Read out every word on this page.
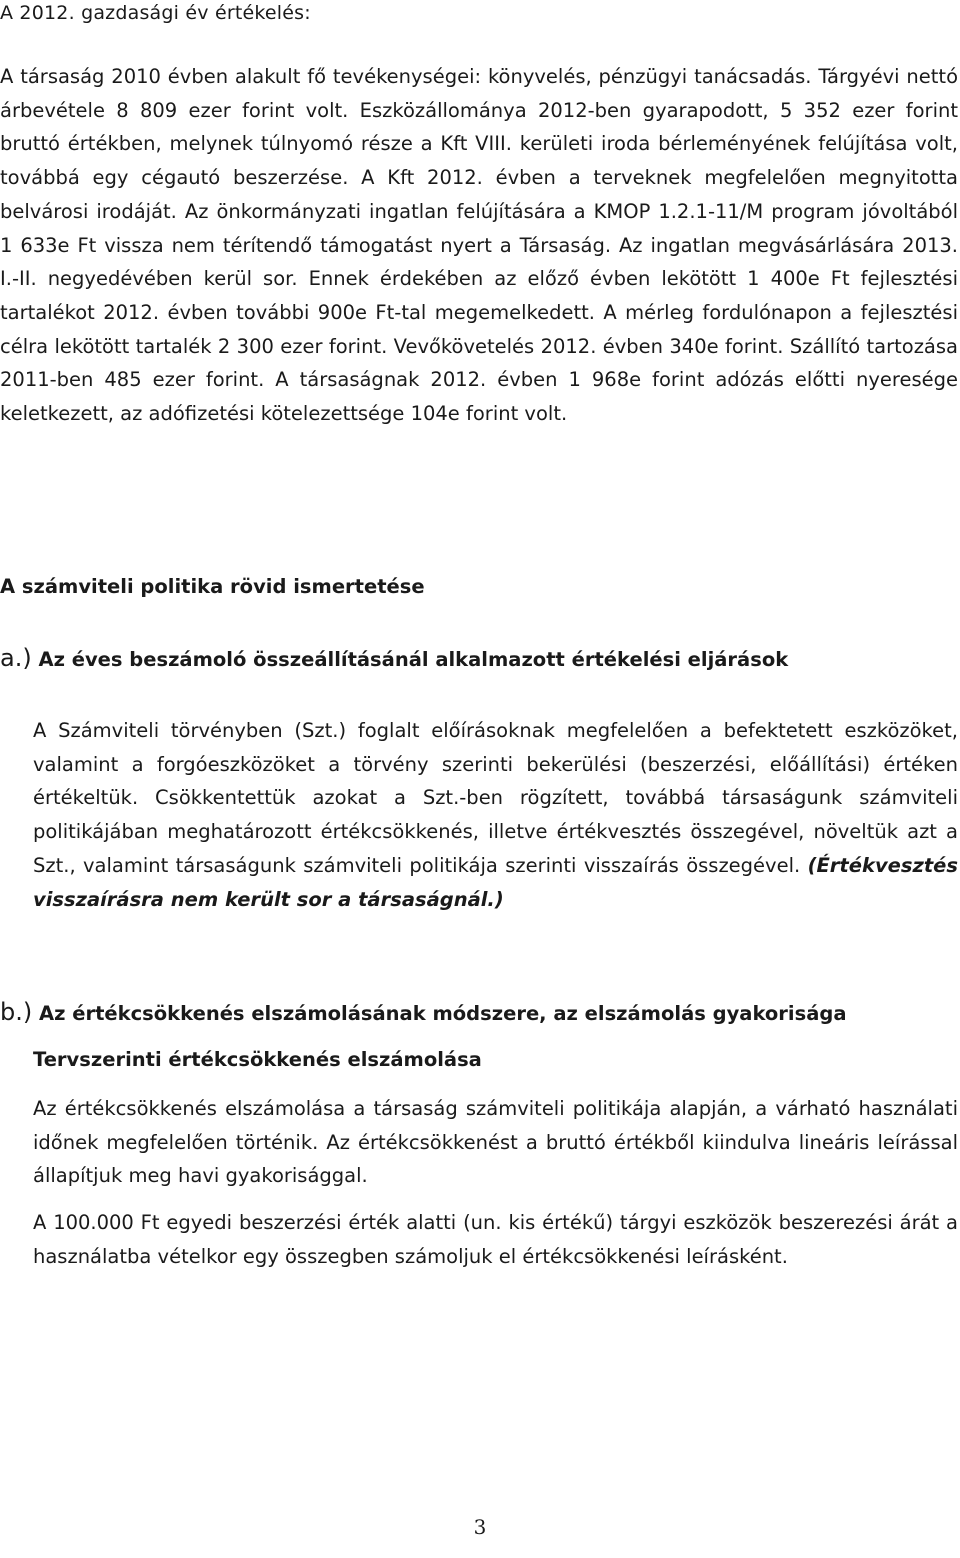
A 2012. gazdasági év értékelés:

A társaság 2010 évben alakult fő tevékenységei: könyvelés, pénzügyi tanácsadás. Tárgyévi nettó árbevétele 8 809 ezer forint volt. Eszközállománya 2012-ben gyarapodott, 5 352 ezer forint bruttó értékben, melynek túlnyomó része a Kft VIII. kerületi iroda bérleményének felújítása volt, továbbá egy cégautó beszerzése. A Kft 2012. évben a terveknek megfelelően megnyitotta belvárosi irodáját. Az önkormányzati ingatlan felújítására a KMOP 1.2.1-11/M program jóvoltából 1 633e Ft vissza nem térítendő támogatást nyert a Társaság. Az ingatlan megvásárlására 2013. I.-II. negyedévében kerül sor. Ennek érdekében az előző évben lekötött 1 400e Ft fejlesztési tartalékot 2012. évben további 900e Ft-tal megemelkedett. A mérleg fordulónapon a fejlesztési célra lekötött tartalék 2 300 ezer forint. Vevőkövetelés 2012. évben 340e forint. Szállító tartozása 2011-ben 485 ezer forint. A társaságnak 2012. évben 1 968e forint adózás előtti nyeresége keletkezett, az adófizetési kötelezettsége 104e forint volt.

A számviteli politika rövid ismertetése
a.) Az éves beszámoló összeállításánál alkalmazott értékelési eljárások

A Számviteli törvényben (Szt.) foglalt előírásoknak megfelelően a befektetett eszközöket, valamint a forgóeszközöket a törvény szerinti bekerülési (beszerzési, előállítási) értéken értékeltük. Csökkentettük azokat a Szt.-ben rögzített, továbbá társaságunk számviteli politikájában meghatározott értékcsökkenés, illetve értékvesztés összegével, növeltük azt a Szt., valamint társaságunk számviteli politikája szerinti visszaírás összegével. (Értékvesztés visszaírásra nem került sor a társaságnál.)

b.) Az értékcsökkenés elszámolásának módszere, az elszámolás gyakorisága
Tervszerinti értékcsökkenés elszámolása

Az értékcsökkenés elszámolása a társaság számviteli politikája alapján, a várható használati időnek megfelelően történik. Az értékcsökkenést a bruttó értékből kiindulva lineáris leírással állapítjuk meg havi gyakorisággal.

A 100.000 Ft egyedi beszerzési érték alatti (un. kis értékű) tárgyi eszközök beszerezési árát a használatba vételkor egy összegben számoljuk el értékcsökkenési leírásként.

3
